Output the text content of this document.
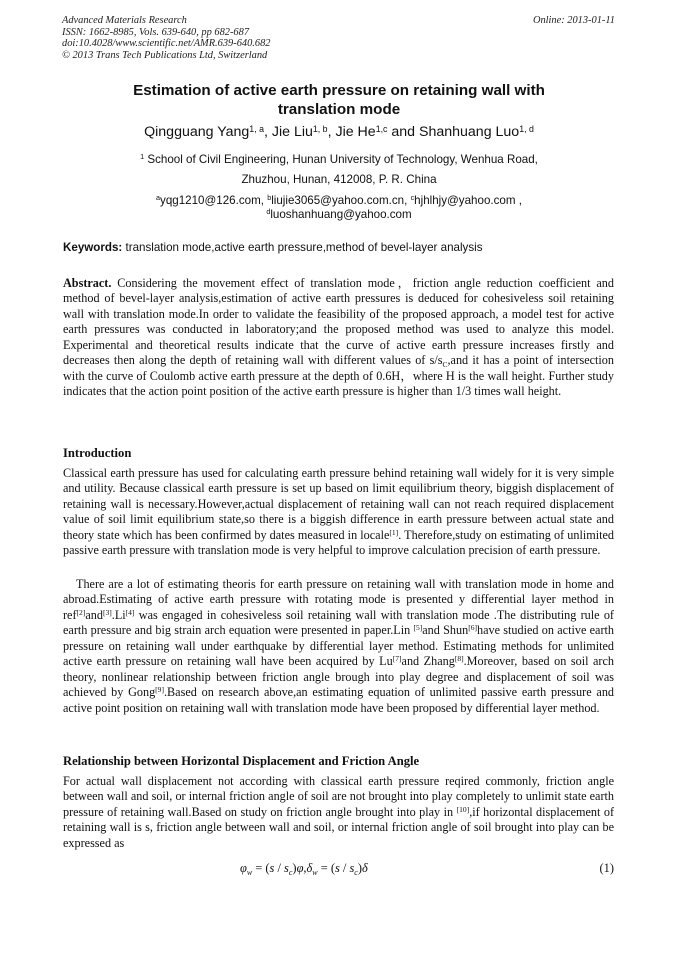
Advanced Materials Research
ISSN: 1662-8985, Vols. 639-640, pp 682-687
doi:10.4028/www.scientific.net/AMR.639-640.682
© 2013 Trans Tech Publications Ltd, Switzerland
Online: 2013-01-11
Estimation of active earth pressure on retaining wall with
translation mode
Qingguang Yang$^{1, a}$, Jie Liu$^{1, b}$, Jie He$^{1,c}$ and Shanhuang Luo$^{1, d}$
$^1$ School of Civil Engineering, Hunan University of Technology, Wenhua Road,
Zhuzhou, Hunan, 412008, P. R. China
$^a$yqg1210@126.com, $^b$liujie3065@yahoo.com.cn, $^c$hjhlhjy@yahoo.com ,
$^d$luoshanhuang@yahoo.com
Keywords: translation mode,active earth pressure,method of bevel-layer analysis
Abstract. Considering the movement effect of translation mode，friction angle reduction coefficient and method of bevel-layer analysis,estimation of active earth pressures is deduced for cohesiveless soil retaining wall with translation mode.In order to validate the feasibility of the proposed approach, a model test for active earth pressures was conducted in laboratory;and the proposed method was used to analyze this model. Experimental and theoretical results indicate that the curve of active earth pressure increases firstly and decreases then along the depth of retaining wall with different values of $s/s_C,and$ it has a point of intersection with the curve of Coulomb active earth pressure at the depth of 0.6H，where H is the wall height. Further study indicates that the action point position of the active earth pressure is higher than 1/3 times wall height.
Introduction
Classical earth pressure has used for calculating earth pressure behind retaining wall widely for it is very simple and utility. Because classical earth pressure is set up based on limit equilibrium theory, biggish displacement of retaining wall is necessary.However,actual displacement of retaining wall can not reach required displacement value of soil limit equilibrium state,so there is a biggish difference in earth pressure between actual state and theory state which has been confirmed by dates measured in locale[1]. Therefore,study on estimating of unlimited passive earth pressure with translation mode is very helpful to improve calculation precision of earth pressure.
There are a lot of estimating theoris for earth pressure on retaining wall with translation mode in home and abroad.Estimating of active earth pressure with rotating mode is presented y differential layer method in ref[2]and[3].Li[4] was engaged in cohesiveless soil retaining wall with translation mode .The distributing rule of earth pressure and big strain arch equation were presented in paper.Lin [5]and Shun[6]have studied on active earth pressure on retaining wall under earthquake by differential layer method. Estimating methods for unlimited active earth pressure on retaining wall have been acquired by Lu[7]and Zhang[8].Moreover, based on soil arch theory, nonlinear relationship between friction angle brough into play degree and displacement of soil was achieved by Gong[9].Based on research above,an estimating equation of unlimited passive earth pressure and active point position on retaining wall with translation mode have been proposed by differential layer method.
Relationship between Horizontal Displacement and Friction Angle
For actual wall displacement not according with classical earth pressure reqired commonly, friction angle between wall and soil, or internal friction angle of soil are not brought into play completely to unlimit state earth pressure of retaining wall.Based on study on friction angle brought into play in [10],if horizontal displacement of retaining wall is s, friction angle between wall and soil, or internal friction angle of soil brought into play can be expressed as
$\varphi_w = (s / s_c)\varphi,\delta_w = (s / s_c)\delta$	(1)
